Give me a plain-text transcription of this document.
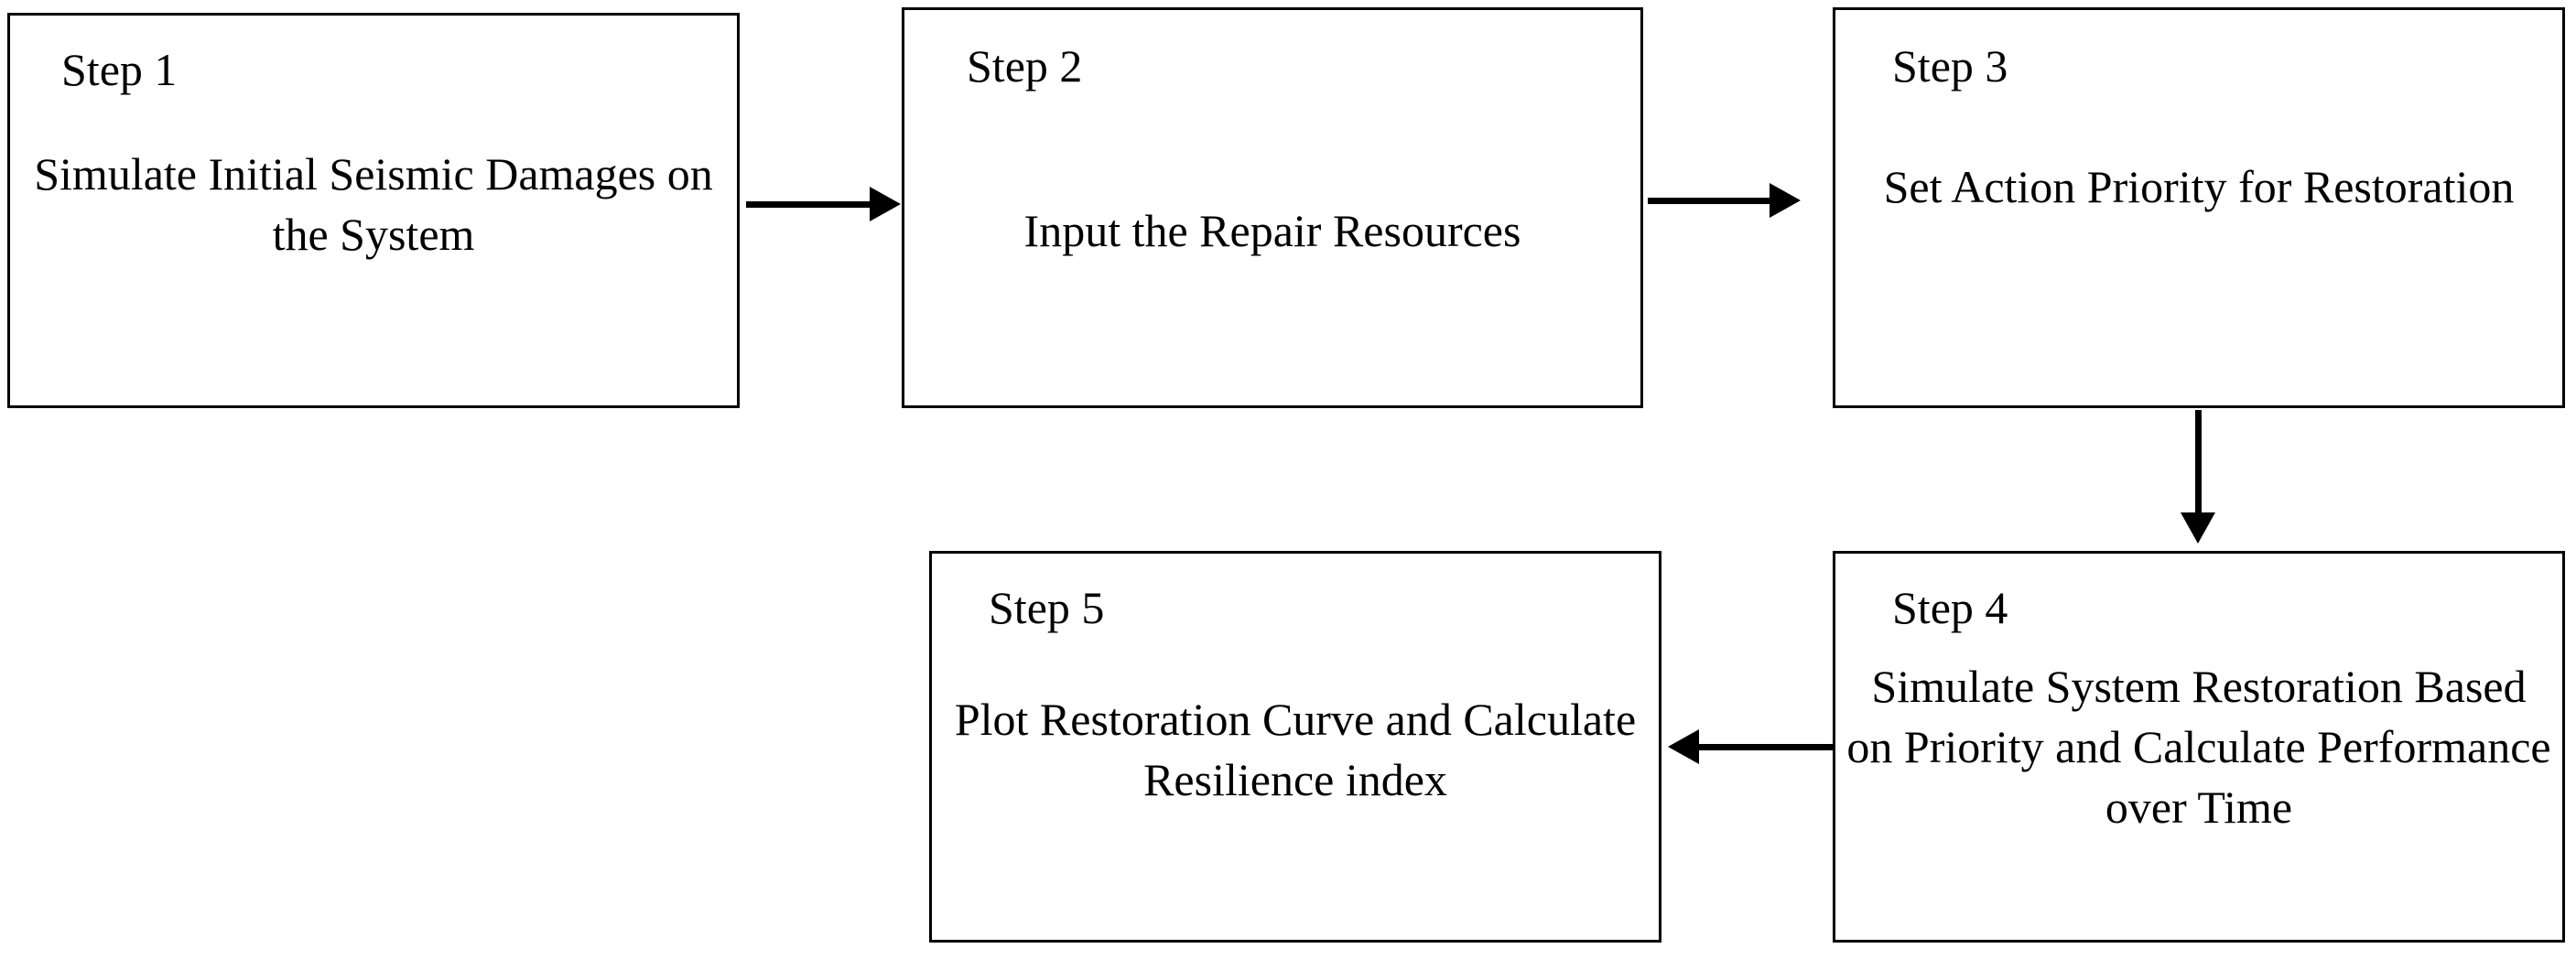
Step 1
Simulate Initial Seismic Damages on the System
Step 2
Input the Repair Resources
Step 3
Set Action Priority for Restoration
Step 4
Simulate System Restoration Based on Priority and Calculate Performance over Time
Step 5
Plot Restoration Curve and Calculate Resilience index
